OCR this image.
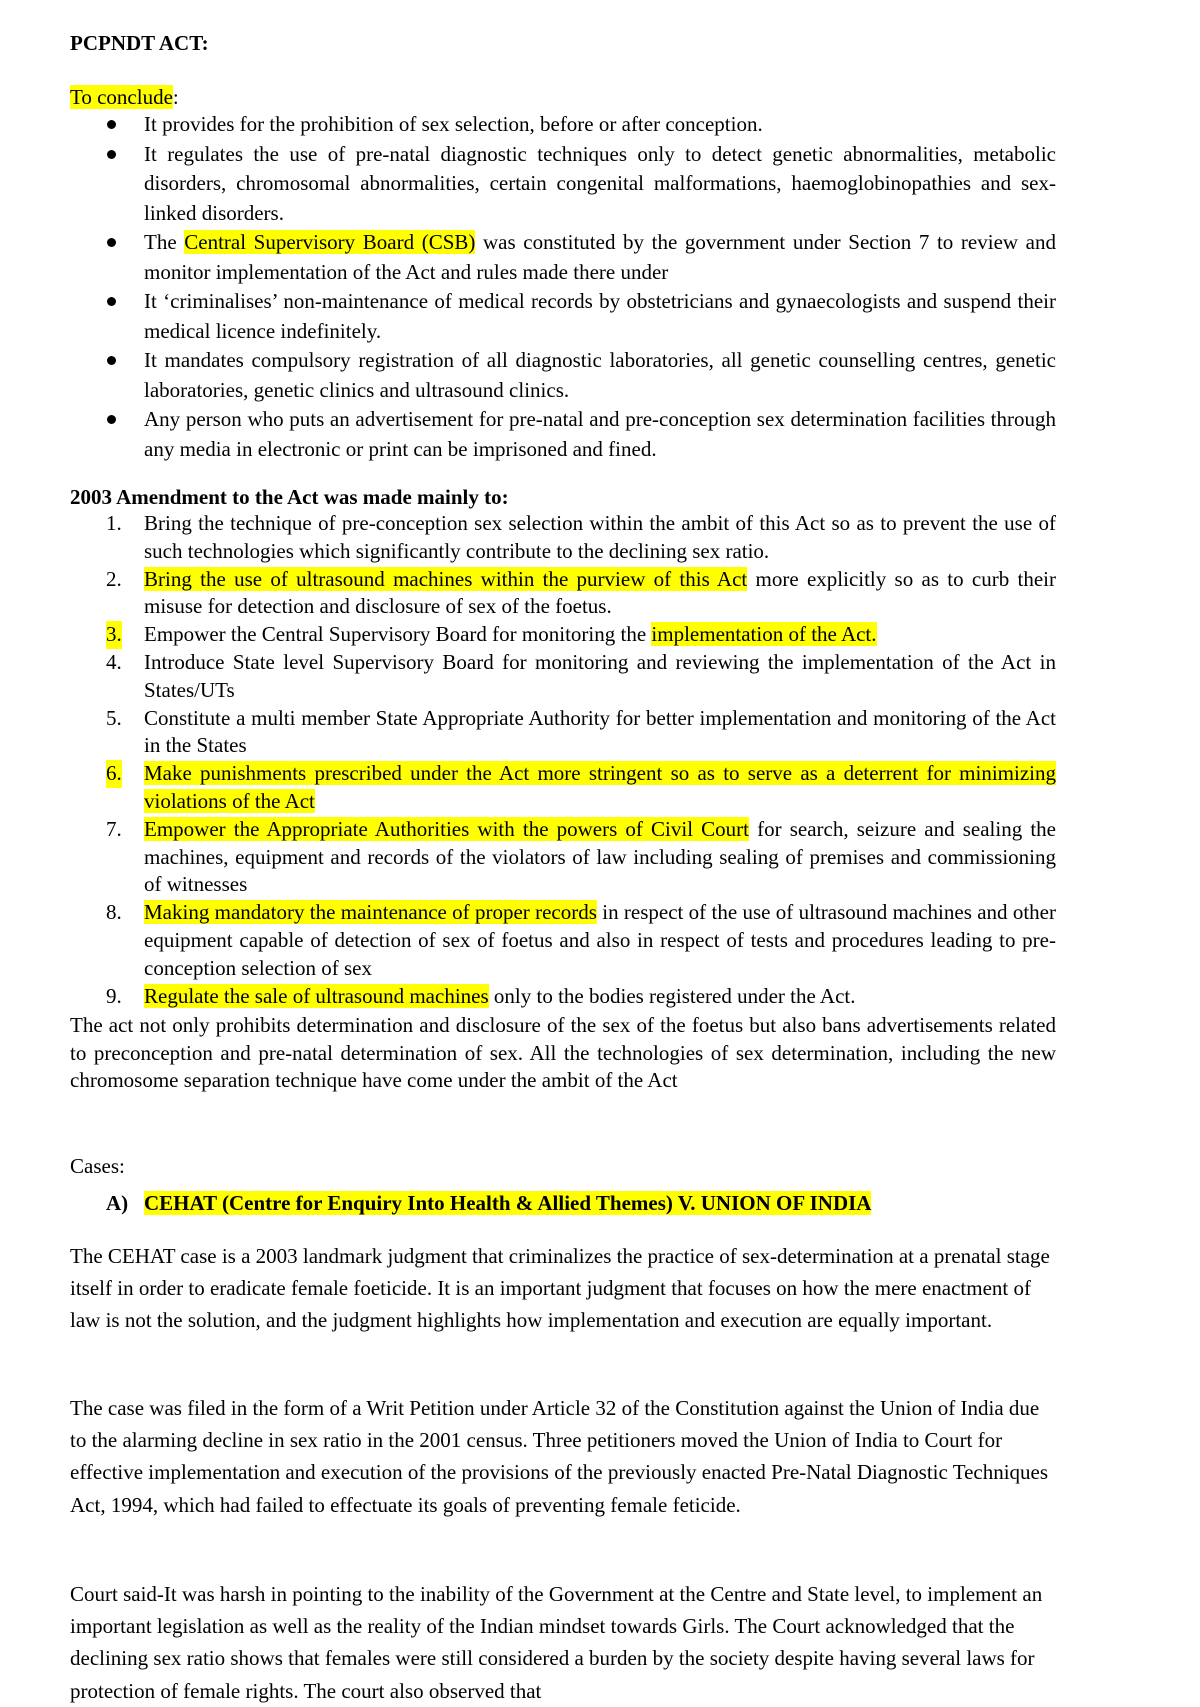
PCPNDT ACT:
To conclude:
It provides for the prohibition of sex selection, before or after conception.
It regulates the use of pre-natal diagnostic techniques only to detect genetic abnormalities, metabolic disorders, chromosomal abnormalities, certain congenital malformations, haemoglobinopathies and sex-linked disorders.
The Central Supervisory Board (CSB) was constituted by the government under Section 7 to review and monitor implementation of the Act and rules made there under
It ‘criminalises’ non-maintenance of medical records by obstetricians and gynaecologists and suspend their medical licence indefinitely.
It mandates compulsory registration of all diagnostic laboratories, all genetic counselling centres, genetic laboratories, genetic clinics and ultrasound clinics.
Any person who puts an advertisement for pre-natal and pre-conception sex determination facilities through any media in electronic or print can be imprisoned and fined.
2003 Amendment to the Act was made mainly to:
1. Bring the technique of pre-conception sex selection within the ambit of this Act so as to prevent the use of such technologies which significantly contribute to the declining sex ratio.
2. Bring the use of ultrasound machines within the purview of this Act more explicitly so as to curb their misuse for detection and disclosure of sex of the foetus.
3. Empower the Central Supervisory Board for monitoring the implementation of the Act.
4. Introduce State level Supervisory Board for monitoring and reviewing the implementation of the Act in States/UTs
5. Constitute a multi member State Appropriate Authority for better implementation and monitoring of the Act in the States
6. Make punishments prescribed under the Act more stringent so as to serve as a deterrent for minimizing violations of the Act
7. Empower the Appropriate Authorities with the powers of Civil Court for search, seizure and sealing the machines, equipment and records of the violators of law including sealing of premises and commissioning of witnesses
8. Making mandatory the maintenance of proper records in respect of the use of ultrasound machines and other equipment capable of detection of sex of foetus and also in respect of tests and procedures leading to pre-conception selection of sex
9. Regulate the sale of ultrasound machines only to the bodies registered under the Act.
The act not only prohibits determination and disclosure of the sex of the foetus but also bans advertisements related to preconception and pre-natal determination of sex. All the technologies of sex determination, including the new chromosome separation technique have come under the ambit of the Act
Cases:
A) CEHAT (Centre for Enquiry Into Health & Allied Themes) V. UNION OF INDIA
The CEHAT case is a 2003 landmark judgment that criminalizes the practice of sex-determination at a prenatal stage itself in order to eradicate female foeticide. It is an important judgment that focuses on how the mere enactment of law is not the solution, and the judgment highlights how implementation and execution are equally important.
The case was filed in the form of a Writ Petition under Article 32 of the Constitution against the Union of India due to the alarming decline in sex ratio in the 2001 census. Three petitioners moved the Union of India to Court for effective implementation and execution of the provisions of the previously enacted Pre-Natal Diagnostic Techniques Act, 1994, which had failed to effectuate its goals of preventing female feticide.
Court said-It was harsh in pointing to the inability of the Government at the Centre and State level, to implement an important legislation as well as the reality of the Indian mindset towards Girls. The Court acknowledged that the declining sex ratio shows that females were still considered a burden by the society despite having several laws for protection of female rights. The court also observed that
